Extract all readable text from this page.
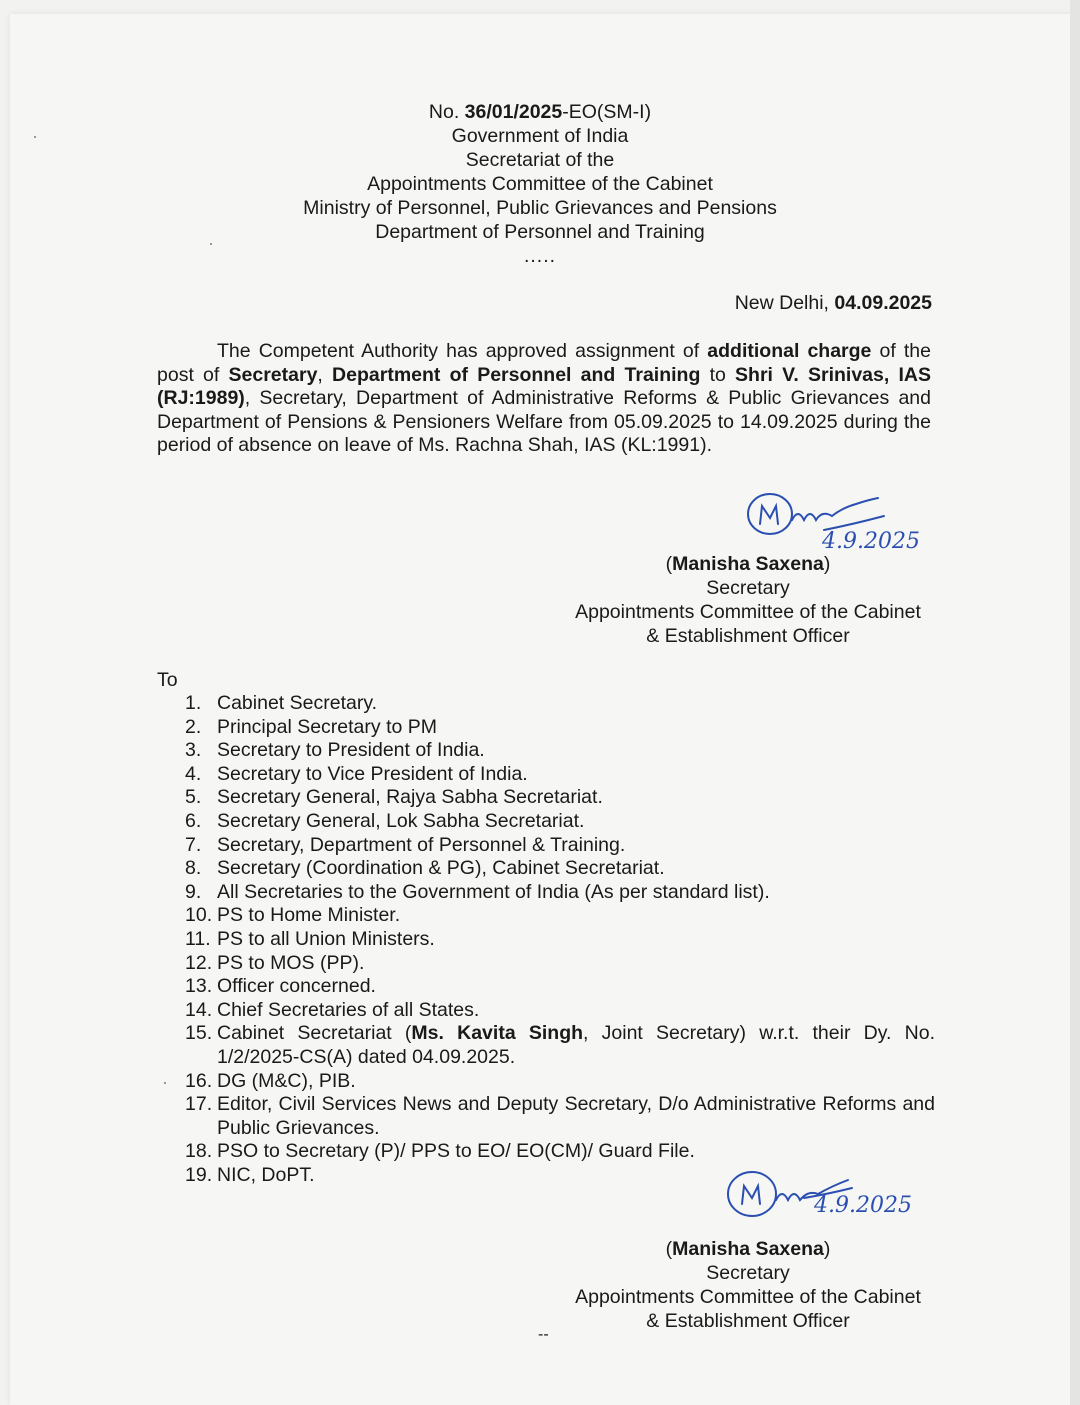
No. 36/01/2025-EO(SM-I)
Government of India
Secretariat of the
Appointments Committee of the Cabinet
Ministry of Personnel, Public Grievances and Pensions
Department of Personnel and Training
.....
New Delhi, 04.09.2025
The Competent Authority has approved assignment of additional charge of the post of Secretary, Department of Personnel and Training to Shri V. Srinivas, IAS (RJ:1989), Secretary, Department of Administrative Reforms & Public Grievances and Department of Pensions & Pensioners Welfare from 05.09.2025 to 14.09.2025 during the period of absence on leave of Ms. Rachna Shah, IAS (KL:1991).
4.9.2025
(Manisha Saxena)
Secretary
Appointments Committee of the Cabinet
& Establishment Officer
To
1. Cabinet Secretary.
2. Principal Secretary to PM
3. Secretary to President of India.
4. Secretary to Vice President of India.
5. Secretary General, Rajya Sabha Secretariat.
6. Secretary General, Lok Sabha Secretariat.
7. Secretary, Department of Personnel & Training.
8. Secretary (Coordination & PG), Cabinet Secretariat.
9. All Secretaries to the Government of India (As per standard list).
10. PS to Home Minister.
11. PS to all Union Ministers.
12. PS to MOS (PP).
13. Officer concerned.
14. Chief Secretaries of all States.
15. Cabinet Secretariat (Ms. Kavita Singh, Joint Secretary) w.r.t. their Dy. No. 1/2/2025-CS(A) dated 04.09.2025.
16. DG (M&C), PIB.
17. Editor, Civil Services News and Deputy Secretary, D/o Administrative Reforms and Public Grievances.
18. PSO to Secretary (P)/ PPS to EO/ EO(CM)/ Guard File.
19. NIC, DoPT.
4.9.2025
(Manisha Saxena)
Secretary
Appointments Committee of the Cabinet
& Establishment Officer
--
